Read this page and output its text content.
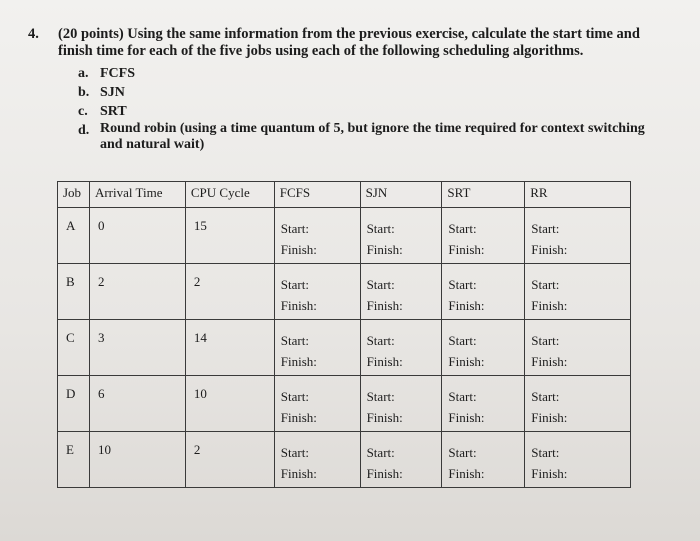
4. (20 points) Using the same information from the previous exercise, calculate the start time and finish time for each of the five jobs using each of the following scheduling algorithms.
a. FCFS
b. SJN
c. SRT
d. Round robin (using a time quantum of 5, but ignore the time required for context switching and natural wait)
Job	Arrival Time	CPU Cycle	FCFS	SJN	SRT	RR

A	0	15	Start:
Finish:	Start:
Finish:	Start:
Finish:	Start:
Finish:

B	2	2	Start:
Finish:	Start:
Finish:	Start:
Finish:	Start:
Finish:

C	3	14	Start:
Finish:	Start:
Finish:	Start:
Finish:	Start:
Finish:

D	6	10	Start:
Finish:	Start:
Finish:	Start:
Finish:	Start:
Finish:

E	10	2	Start:
Finish:	Start:
Finish:	Start:
Finish:	Start:
Finish:
